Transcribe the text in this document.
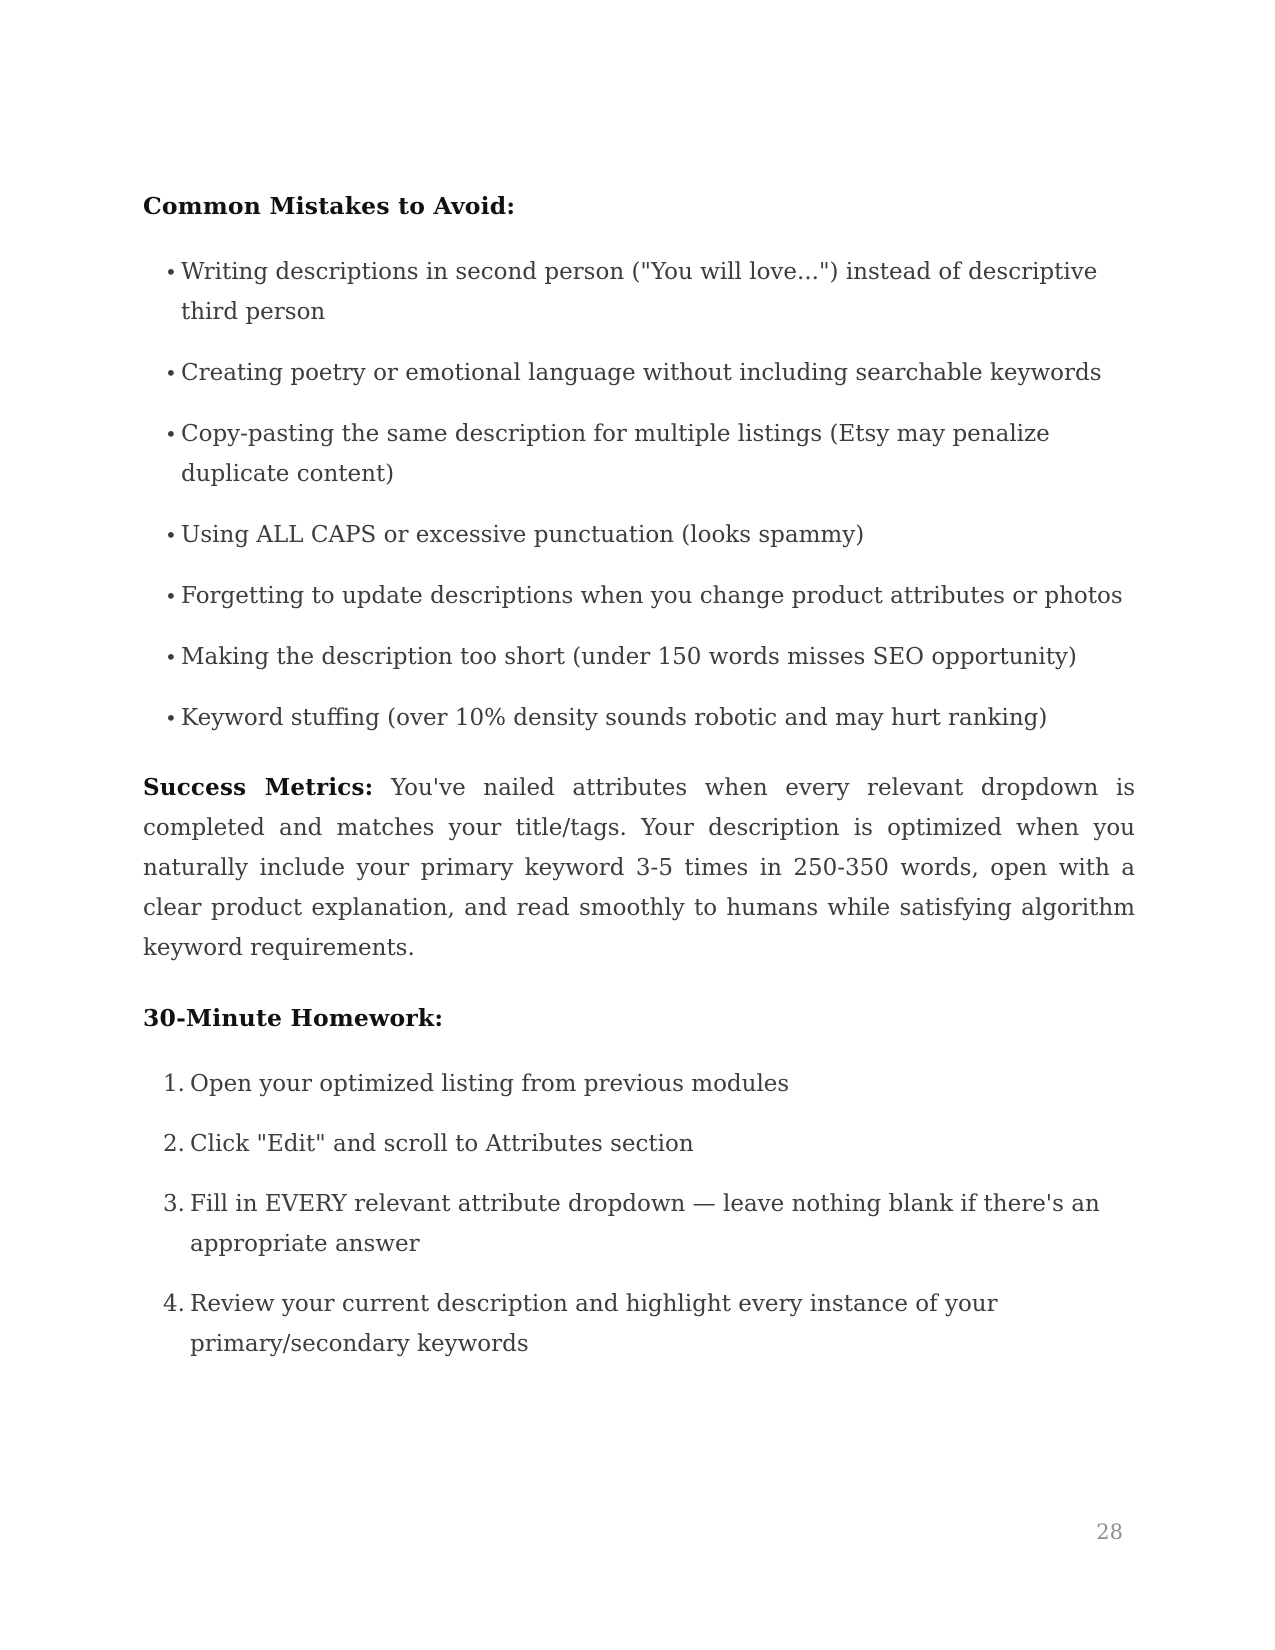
Common Mistakes to Avoid:
• Writing descriptions in second person ("You will love...") instead of descriptive third person
• Creating poetry or emotional language without including searchable keywords
• Copy-pasting the same description for multiple listings (Etsy may penalize duplicate content)
• Using ALL CAPS or excessive punctuation (looks spammy)
• Forgetting to update descriptions when you change product attributes or photos
• Making the description too short (under 150 words misses SEO opportunity)
• Keyword stuffing (over 10% density sounds robotic and may hurt ranking)

Success Metrics: You've nailed attributes when every relevant dropdown is completed and matches your title/tags. Your description is optimized when you naturally include your primary keyword 3-5 times in 250-350 words, open with a clear product explanation, and read smoothly to humans while satisfying algorithm keyword requirements.

30-Minute Homework:
1. Open your optimized listing from previous modules
2. Click "Edit" and scroll to Attributes section
3. Fill in EVERY relevant attribute dropdown — leave nothing blank if there's an appropriate answer
4. Review your current description and highlight every instance of your primary/secondary keywords
28
